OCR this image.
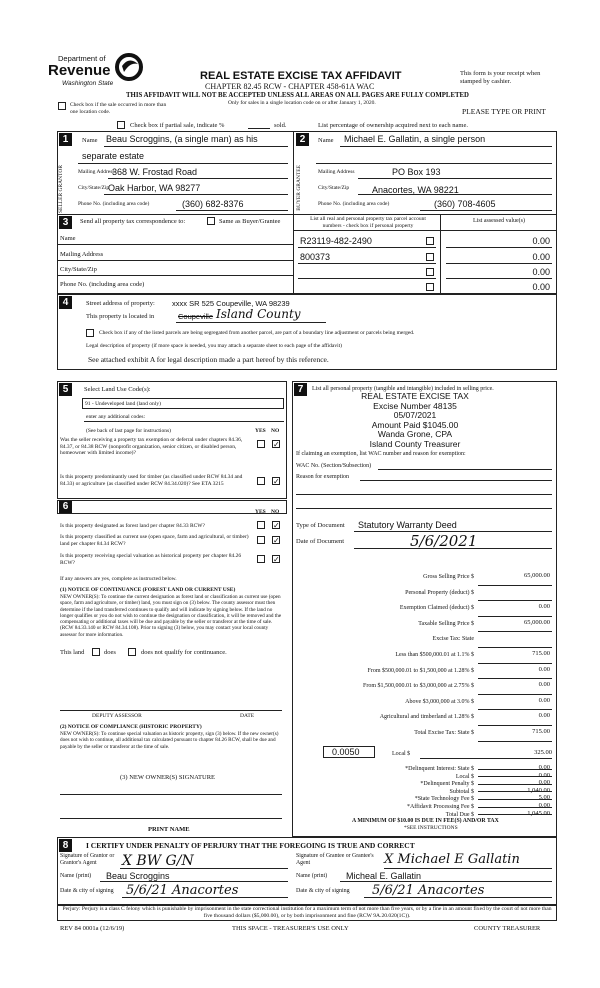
Department of
Revenue
Washington State
REAL ESTATE EXCISE TAX AFFIDAVIT
CHAPTER 82.45 RCW - CHAPTER 458-61A WAC
THIS AFFIDAVIT WILL NOT BE ACCEPTED UNLESS ALL AREAS ON ALL PAGES ARE FULLY COMPLETED
Only for sales in a single location code on or after January 1, 2020.
This form is your receipt when stamped by cashier.
PLEASE TYPE OR PRINT
Check box if the sale occurred in more than one location code.
Check box if partial sale, indicate %	sold.	List percentage of ownership acquired next to each name.
1
SELLER GRANTOR
Name Beau Scroggins, (a single man) as his
separate estate
Mailing Address
368 W. Frostad Road
City/State/Zip
Oak Harbor, WA 98277
Phone No. (including area code)	(360) 682-8376
2
BUYER GRANTEE
Name Michael E. Gallatin, a single person
Mailing Address	PO Box 193
City/State/Zip	Anacortes, WA 98221
Phone No. (including area code)	(360) 708-4605
3	Send all property tax correspondence to:	Same as Buyer/Grantee	List all real and personal property tax parcel account numbers - check box if personal property
List assessed value(s)
Name
Mailing Address
City/State/Zip
Phone No. (including area code)
R23119-482-2490	0.00
800373	0.00
0.00
0.00
4	Street address of property: xxxx SR 525 Coupeville, WA 98239
This property is located in	Coupeville Island County
Check box if any of the listed parcels are being segregated from another parcel, are part of a boundary line adjustment or parcels being merged.
Legal description of property (if more space is needed, you may attach a separate sheet to each page of the affidavit)
See attached exhibit A for legal description made a part hereof by this reference.
5	Select Land Use Code(s):
91 - Undeveloped land (land only)
enter any additional codes:
(See back of last page for instructions)	YES NO
Was the seller receiving a property tax exemption or deferral under chapters 84.36, 84.37, or 84.38 RCW (nonprofit organization, senior citizen, or disabled person, homeowner with limited income)?
✓
Is this property predominantly used for timber (as classified under RCW 84.34 and 84.33) or agriculture (as classified under RCW 84.34.020)? See ETA 3215	✓
6	YES NO
Is this property designated as forest land per chapter 84.33 RCW?	✓
Is this property classified as current use (open space, farm and agricultural, or timber) land per chapter 84.34 RCW?	✓
Is this property receiving special valuation as historical property per chapter 84.26 RCW?	✓
If any answers are yes, complete as instructed below.
(1) NOTICE OF CONTINUANCE (FOREST LAND OR CURRENT USE)
NEW OWNER(S): To continue the current designation as forest land or classification as current use (open space, farm and agriculture, or timber) land, you must sign on (3) below. The county assessor must then determine if the land transferred continues to qualify and will indicate by signing below. If the land no longer qualifies or you do not wish to continue the designation or classification, it will be removed and the compensating or additional taxes will be due and payable by the seller or transferor at the time of sale. (RCW 84.33.140 or RCW 84.34.108). Prior to signing (3) below, you may contact your local county assessor for more information.
This land	does	does not qualify for continuance.
DEPUTY ASSESSOR	DATE
(2) NOTICE OF COMPLIANCE (HISTORIC PROPERTY)
NEW OWNER(S): To continue special valuation as historic property, sign (3) below. If the new owner(s) does not wish to continue, all additional tax calculated pursuant to chapter 84.26 RCW, shall be due and payable by the seller or transferor at the time of sale.
(3) NEW OWNER(S) SIGNATURE
PRINT NAME
7	List all personal property (tangible and intangible) included in selling price.
REAL ESTATE EXCISE TAX
Excise Number 48135
05/07/2021
Amount Paid $1045.00
Wanda Grone, CPA
Island County Treasurer
If claiming an exemption, list WAC number and reason for exemption:
WAC No. (Section/Subsection)
Reason for exemption
Type of Document Statutory Warranty Deed
Date of Document	5/6/2021
Gross Selling Price $	65,000.00
Personal Property (deduct) $
Exemption Claimed (deduct) $	0.00
Taxable Selling Price $	65,000.00
Excise Tax: State
Less than $500,000.01 at 1.1% $	715.00
From $500,000.01 to $1,500,000 at 1.28% $	0.00
From $1,500,000.01 to $3,000,000 at 2.75% $	0.00
Above $3,000,000 at 3.0% $	0.00
Agricultural and timberland at 1.28% $	0.00
Total Excise Tax: State $	715.00
0.0050	Local $	325.00
*Delinquent Interest: State $	0.00
Local $	0.00
*Delinquent Penalty $	0.00
Subtotal $	1,040.00
*State Technology Fee $	5.00
*Affidavit Processing Fee $	0.00
Total Due $	1,045.00
A MINIMUM OF $10.00 IS DUE IN FEE(S) AND/OR TAX
*SEE INSTRUCTIONS
8	I CERTIFY UNDER PENALTY OF PERJURY THAT THE FOREGOING IS TRUE AND CORRECT
Signature of Grantor or Grantor's Agent	X BW G/N	Signature of Grantee or Grantee's Agent	X Michael E Gallatin
Name (print) Beau Scroggins	Name (print) Micheal E. Gallatin
Date & city of signing 5/6/21 Anacortes	Date & city of signing 5/6/21 Anacortes
Perjury: Perjury is a class C felony which is punishable by imprisonment in the state correctional institution for a maximum term of not more than five years, or by a fine in an amount fixed by the court of not more than five thousand dollars ($5,000.00), or by both imprisonment and fine (RCW 9A.20.020(1C)).
REV 84 0001a (12/6/19)	THIS SPACE - TREASURER'S USE ONLY	COUNTY TREASURER
